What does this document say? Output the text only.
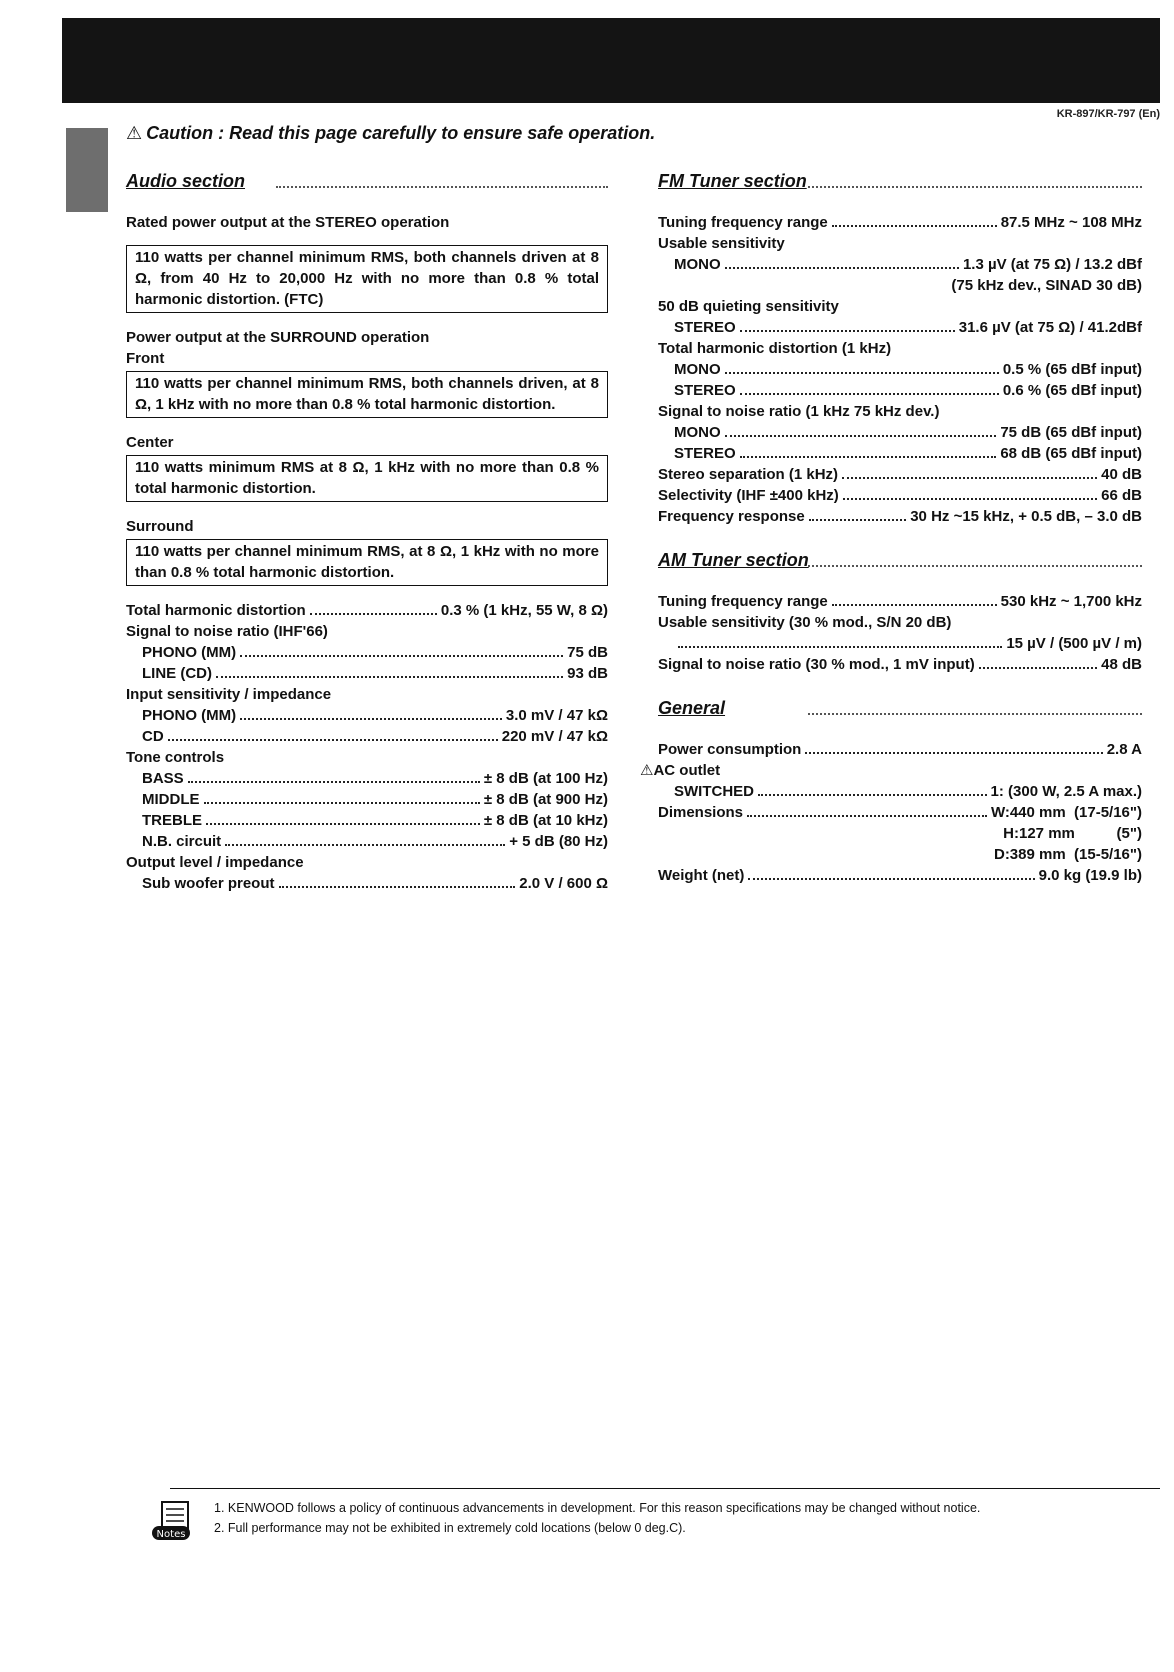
KR-897/KR-797 (En)
⚠ Caution : Read this page carefully to ensure safe operation.
Audio section
Rated power output at the STEREO operation
110 watts per channel minimum RMS, both channels driven at 8 Ω, from 40 Hz to 20,000 Hz with no more than 0.8 % total harmonic distortion. (FTC)
Power output at the SURROUND operation
Front
110 watts per channel minimum RMS, both channels driven, at 8 Ω, 1 kHz with no more than 0.8 % total harmonic distortion.
Center
110 watts minimum RMS at 8 Ω, 1 kHz with no more than 0.8 % total harmonic distortion.
Surround
110 watts per channel minimum RMS, at 8 Ω, 1 kHz with no more than 0.8 % total harmonic distortion.
Total harmonic distortion	0.3 % (1 kHz, 55 W, 8 Ω)
Signal to noise ratio (IHF'66)
PHONO (MM)	75 dB
LINE (CD)	93 dB
Input sensitivity / impedance
PHONO (MM)	3.0 mV / 47 kΩ
CD	220 mV / 47 kΩ
Tone controls
BASS	± 8 dB (at 100 Hz)
MIDDLE	± 8 dB (at 900 Hz)
TREBLE	± 8 dB (at 10 kHz)
N.B. circuit	+ 5 dB (80 Hz)
Output level / impedance
Sub woofer preout	2.0 V / 600 Ω
FM Tuner section
Tuning frequency range	87.5 MHz ~ 108 MHz
Usable sensitivity
MONO	1.3 µV (at 75 Ω) / 13.2 dBf
(75 kHz dev., SINAD 30 dB)
50 dB quieting sensitivity
STEREO	31.6 µV (at 75 Ω) / 41.2dBf
Total harmonic distortion (1 kHz)
MONO	0.5 % (65 dBf input)
STEREO	0.6 % (65 dBf input)
Signal to noise ratio (1 kHz 75 kHz dev.)
MONO	75 dB (65 dBf input)
STEREO	68 dB (65 dBf input)
Stereo separation (1 kHz)	40 dB
Selectivity (IHF ±400 kHz)	66 dB
Frequency response	30 Hz ~15 kHz, + 0.5 dB, – 3.0 dB
AM Tuner section
Tuning frequency range	530 kHz ~ 1,700 kHz
Usable sensitivity (30 % mod., S/N 20 dB)
15 µV / (500 µV / m)
Signal to noise ratio (30 % mod., 1 mV input)	48 dB
General
Power consumption	2.8 A
⚠AC outlet
SWITCHED	1: (300 W, 2.5 A max.)
Dimensions	W:440 mm  (17-5/16")
H:127 mm          (5")
D:389 mm  (15-5/16")
Weight (net)	9.0 kg (19.9 lb)
Notes
1. KENWOOD follows a policy of continuous advancements in development. For this reason specifications may be changed without notice.
2. Full performance may not be exhibited in extremely cold locations (below 0 deg.C).
